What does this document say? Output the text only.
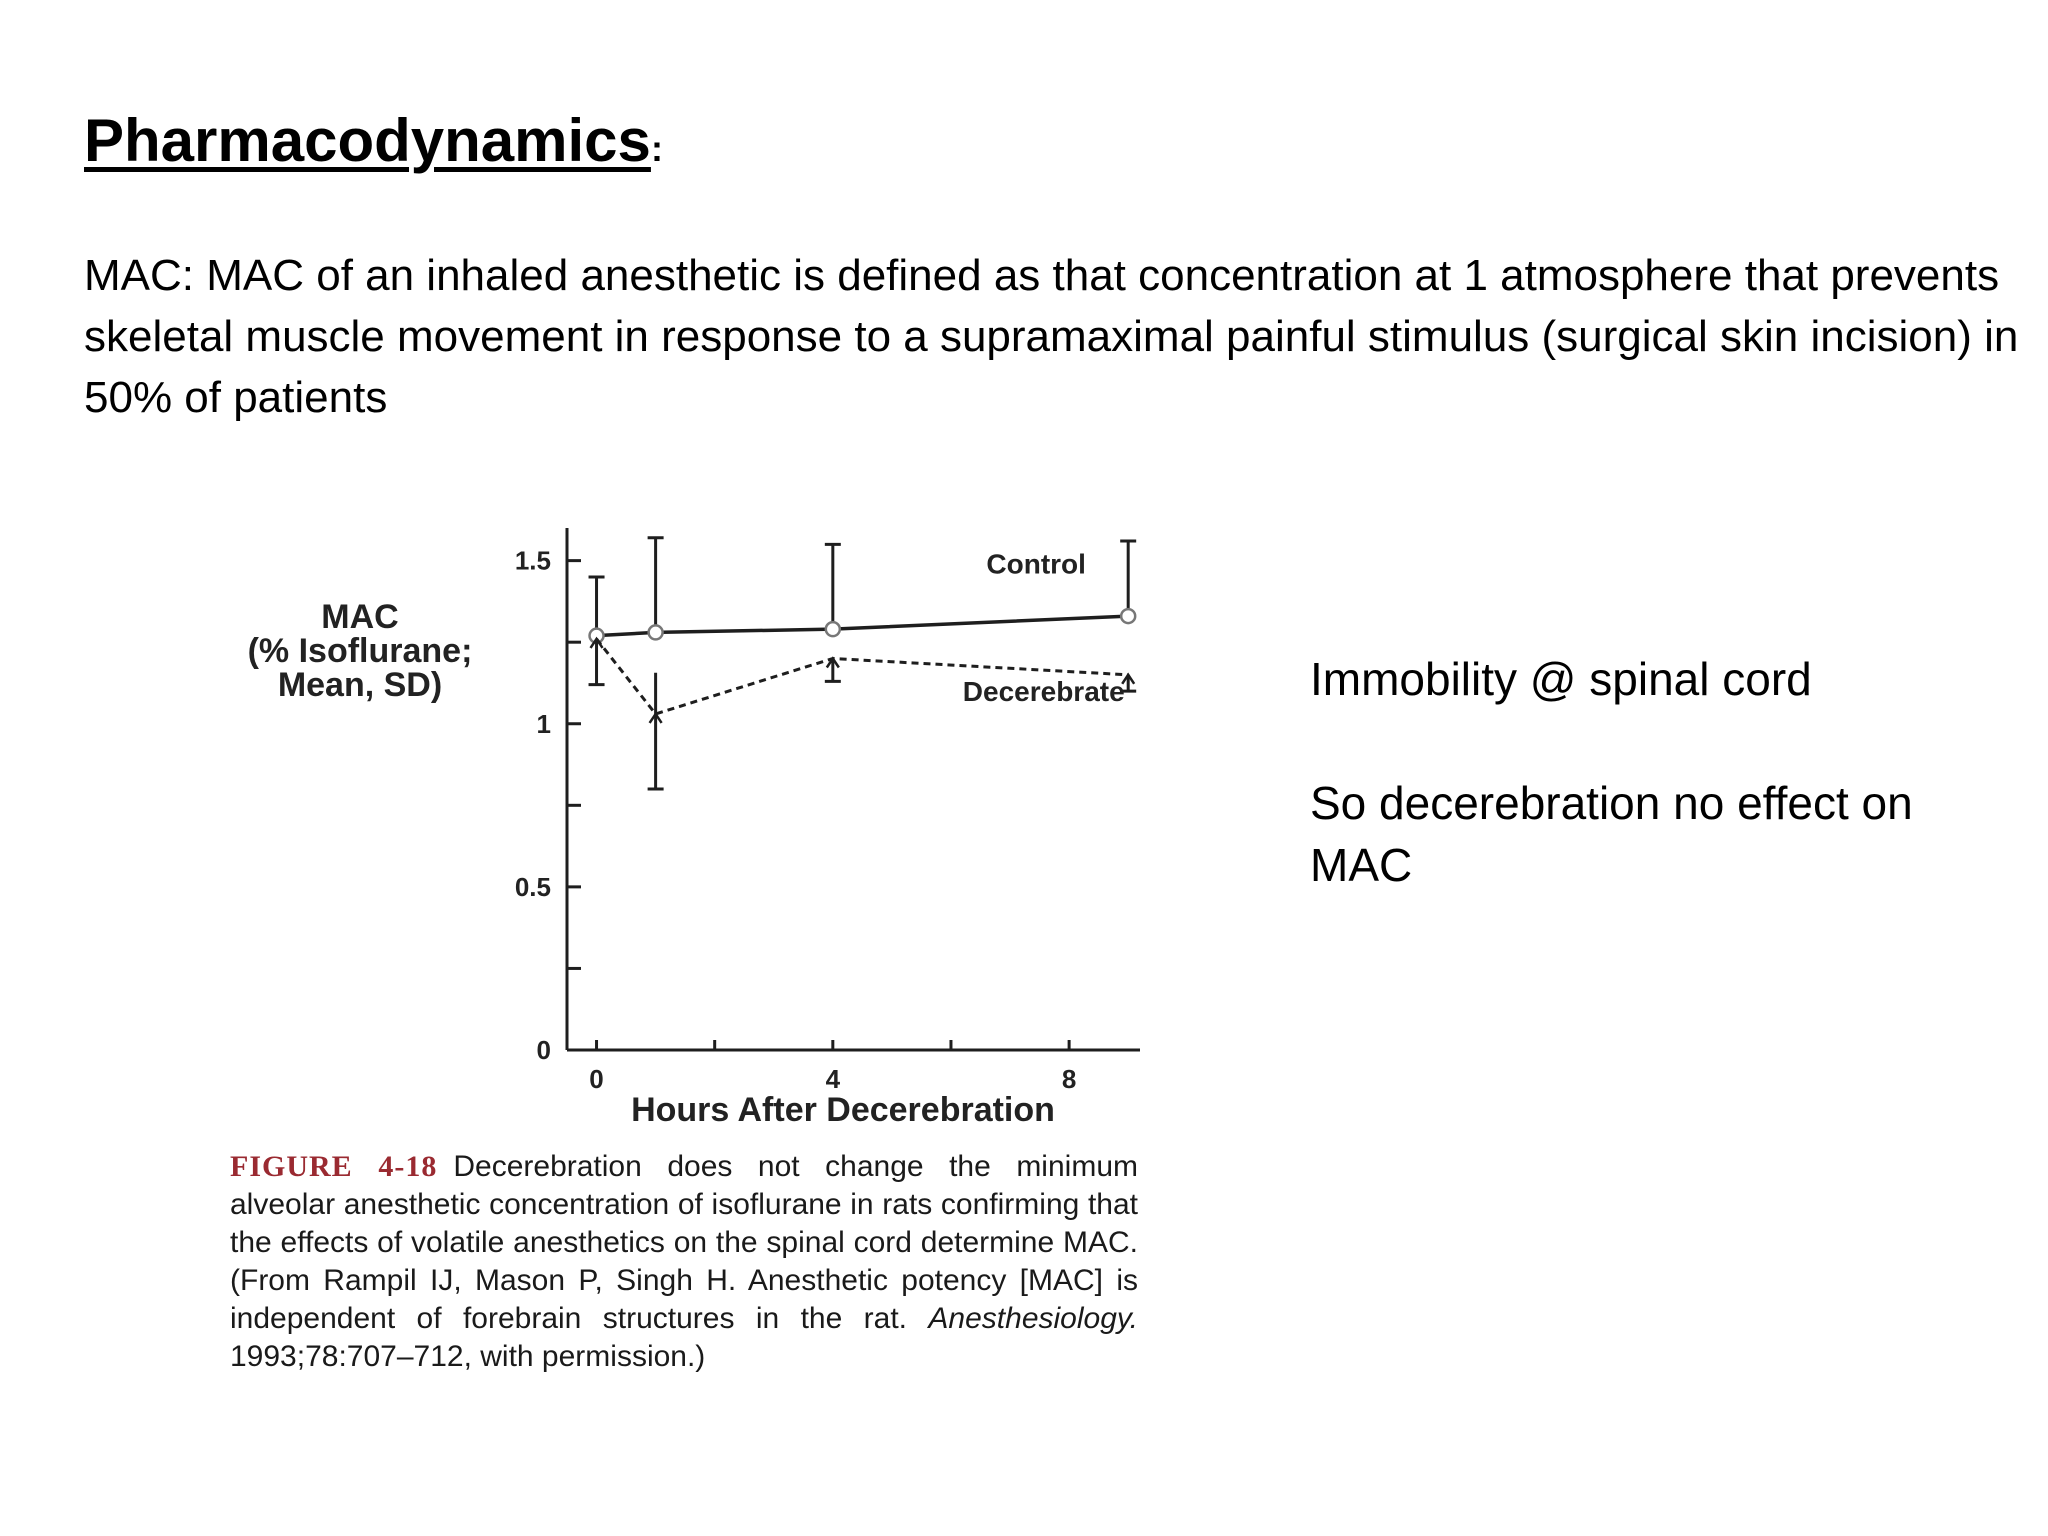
Pharmacodynamics:
MAC: MAC of an inhaled anesthetic is defined as that concentration at 1 atmosphere that prevents skeletal muscle movement in response to a supramaximal painful stimulus (surgical skin incision) in 50% of patients
MAC
(% Isoflurane;
Mean, SD)
0
0.5
1
1.5
0	4	8
Control
Decerebrate
Hours After Decerebration
FIGURE 4-18 Decerebration does not change the minimum alveolar anesthetic concentration of isoflurane in rats confirming that the effects of volatile anesthetics on the spinal cord determine MAC. (From Rampil IJ, Mason P, Singh H. Anesthetic potency [MAC] is independent of forebrain structures in the rat. Anesthesiology. 1993;78:707–712, with permission.)

Immobility @ spinal cord

So decerebration no effect on MAC
